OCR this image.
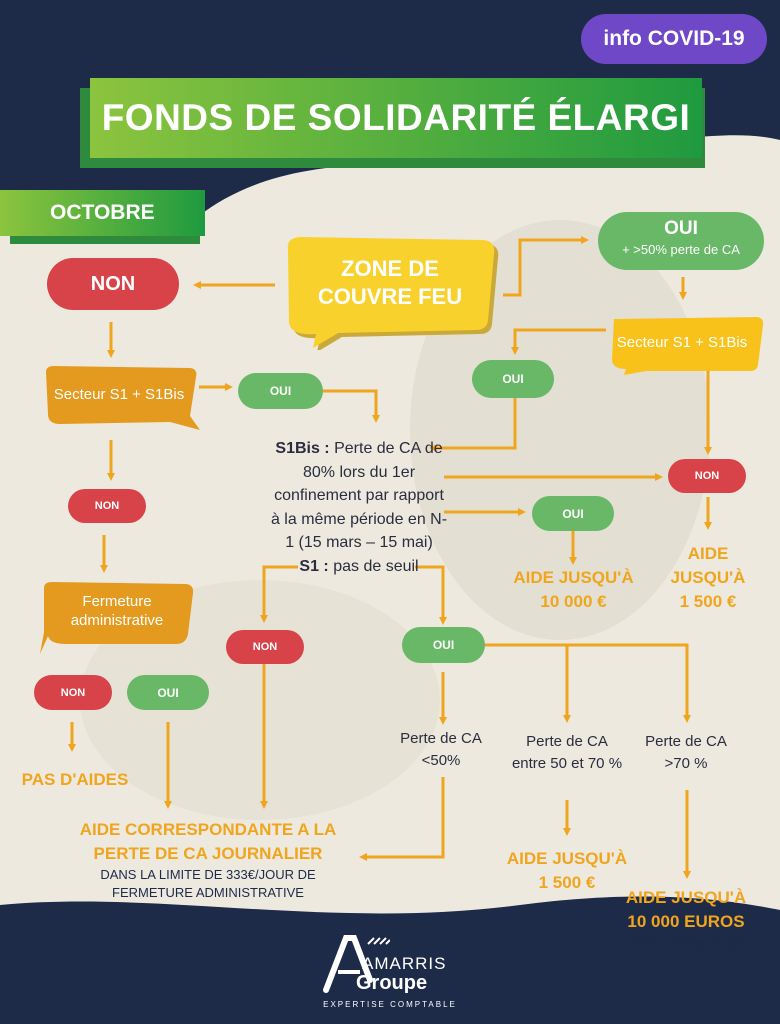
info COVID-19
FONDS DE SOLIDARITÉ ÉLARGI
OCTOBRE
ZONE DE COUVRE FEU
NON
OUI
+ >50% perte de CA
Secteur S1 + S1Bis
Secteur S1 + S1Bis
OUI
OUI
S1Bis : Perte de CA de 80% lors du 1er confinement par rapport à la même période en N-1 (15 mars – 15 mai)
S1 : pas de seuil
NON
NON
OUI
AIDE JUSQU'À
10 000 €
AIDE
JUSQU'À
1 500 €
Fermeture administrative
NON	OUI
NON	OUI
PAS D'AIDES
Perte de CA <50%
Perte de CA entre 50 et 70 %
Perte de CA >70 %
AIDE JUSQU'À
1 500 €
AIDE JUSQU'À
10 000 EUROS
(LIMITÉ À 60% DU CA)
AIDE CORRESPONDANTE A LA
PERTE DE CA JOURNALIER
DANS LA LIMITE DE 333€/JOUR DE
FERMETURE ADMINISTRATIVE
AMARRIS
Groupe
EXPERTISE COMPTABLE
